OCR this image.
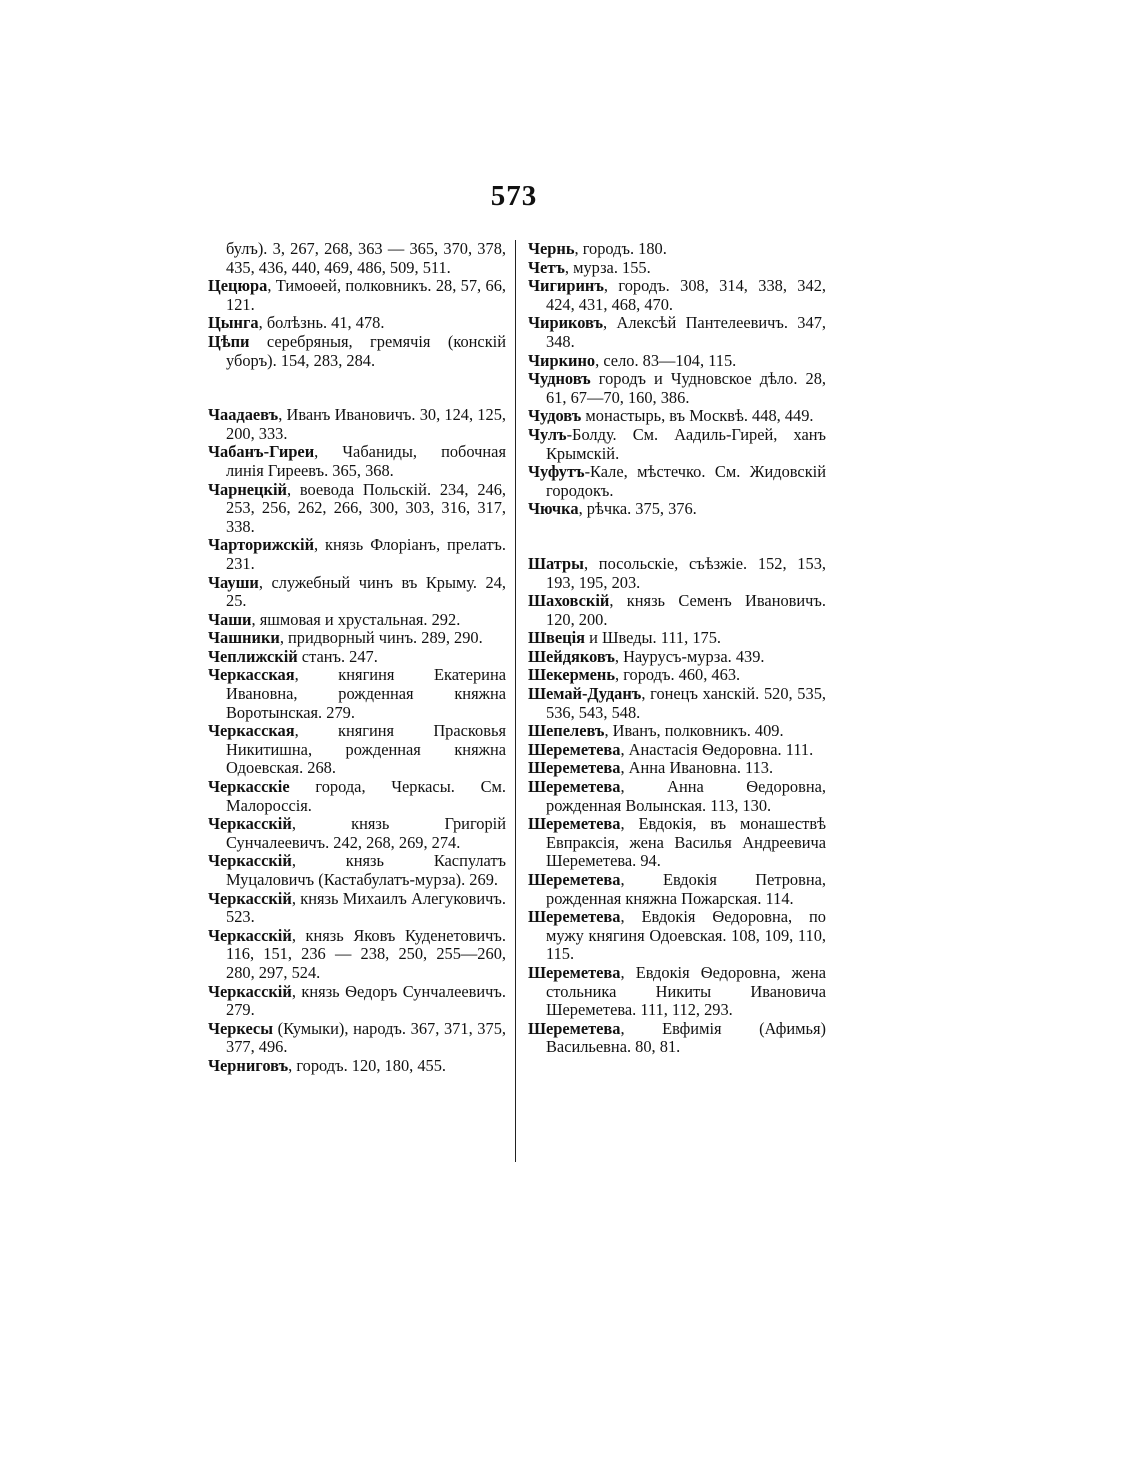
573
булъ). 3, 267, 268, 363 — 365, 370, 378, 435, 436, 440, 469, 486, 509, 511.
Цецюра, Тимоѳей, полковникъ. 28, 57, 66, 121.
Цынга, болѣзнь. 41, 478.
Цѣпи серебряныя, гремячія (конскій уборъ). 154, 283, 284.
Чаадаевъ, Иванъ Ивановичъ. 30, 124, 125, 200, 333.
Чабанъ-Гиреи, Чабаниды, побочная линія Гиреевъ. 365, 368.
Чарнецкій, воевода Польскій. 234, 246, 253, 256, 262, 266, 300, 303, 316, 317, 338.
Чарторижскій, князь Флоріанъ, прелатъ. 231.
Чауши, служебный чинъ въ Крыму. 24, 25.
Чаши, яшмовая и хрустальная. 292.
Чашники, придворный чинъ. 289, 290.
Чеплижскій станъ. 247.
Черкасская, княгиня Екатерина Ивановна, рожденная княжна Воротынская. 279.
Черкасская, княгиня Прасковья Никитишна, рожденная княжна Одоевская. 268.
Черкасскіе города, Черкасы. См. Малороссія.
Черкасскій, князь Григорій Сунчалеевичъ. 242, 268, 269, 274.
Черкасскій, князь Каспулатъ Муцаловичъ (Кастабулатъ-мурза). 269.
Черкасскій, князь Михаилъ Алегуковичъ. 523.
Черкасскій, князь Яковъ Куденетовичъ. 116, 151, 236 — 238, 250, 255—260, 280, 297, 524.
Черкасскій, князь Ѳедоръ Сунчалеевичъ. 279.
Черкесы (Кумыки), народъ. 367, 371, 375, 377, 496.
Черниговъ, городъ. 120, 180, 455.
Чернь, городъ. 180.
Четъ, мурза. 155.
Чигиринъ, городъ. 308, 314, 338, 342, 424, 431, 468, 470.
Чириковъ, Алексѣй Пантелеевичъ. 347, 348.
Чиркино, село. 83—104, 115.
Чудновъ городъ и Чудновское дѣло. 28, 61, 67—70, 160, 386.
Чудовъ монастырь, въ Москвѣ. 448, 449.
Чулъ-Болду. См. Аадиль-Гирей, ханъ Крымскій.
Чуфутъ-Кале, мѣстечко. См. Жидовскій городокъ.
Чючка, рѣчка. 375, 376.
Шатры, посольскіе, съѣзжіе. 152, 153, 193, 195, 203.
Шаховскій, князь Семенъ Ивановичъ. 120, 200.
Швеція и Шведы. 111, 175.
Шейдяковъ, Наурусъ-мурза. 439.
Шекермень, городъ. 460, 463.
Шемай-Дуданъ, гонецъ ханскій. 520, 535, 536, 543, 548.
Шепелевъ, Иванъ, полковникъ. 409.
Шереметева, Анастасія Ѳедоровна. 111.
Шереметева, Анна Ивановна. 113.
Шереметева, Анна Ѳедоровна, рожденная Волынская. 113, 130.
Шереметева, Евдокія, въ монашествѣ Евпраксія, жена Василья Андреевича Шереметева. 94.
Шереметева, Евдокія Петровна, рожденная княжна Пожарская. 114.
Шереметева, Евдокія Ѳедоровна, по мужу княгиня Одоевская. 108, 109, 110, 115.
Шереметева, Евдокія Ѳедоровна, жена стольника Никиты Ивановича Шереметева. 111, 112, 293.
Шереметева, Евфимія (Афимья) Васильевна. 80, 81.
